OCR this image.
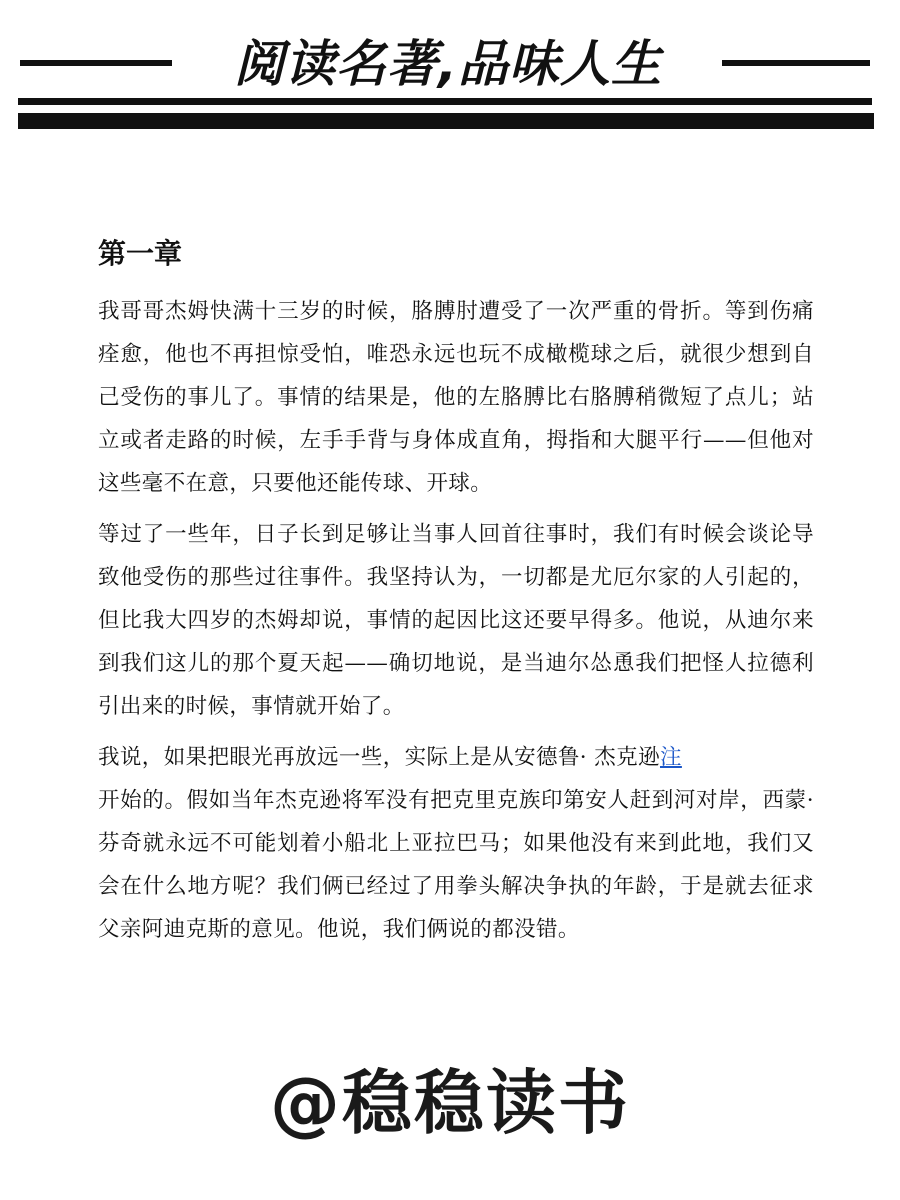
阅读名著,品味人生
第一章

我哥哥杰姆快满十三岁的时候，胳膊肘遭受了一次严重的骨折。等到伤痛痊愈，他也不再担惊受怕，唯恐永远也玩不成橄榄球之后，就很少想到自己受伤的事儿了。事情的结果是，他的左胳膊比右胳膊稍微短了点儿；站立或者走路的时候，左手手背与身体成直角，拇指和大腿平行——但他对这些毫不在意，只要他还能传球、开球。

等过了一些年，日子长到足够让当事人回首往事时，我们有时候会谈论导致他受伤的那些过往事件。我坚持认为，一切都是尤厄尔家的人引起的，但比我大四岁的杰姆却说，事情的起因比这还要早得多。他说，从迪尔来到我们这儿的那个夏天起——确切地说，是当迪尔怂恿我们把怪人拉德利引出来的时候，事情就开始了。

我说，如果把眼光再放远一些，实际上是从安德鲁· 杰克逊注
开始的。假如当年杰克逊将军没有把克里克族印第安人赶到河对岸，西蒙· 芬奇就永远不可能划着小船北上亚拉巴马；如果他没有来到此地，我们又会在什么地方呢？我们俩已经过了用拳头解决争执的年龄，于是就去征求父亲阿迪克斯的意见。他说，我们俩说的都没错。

@稳稳读书
